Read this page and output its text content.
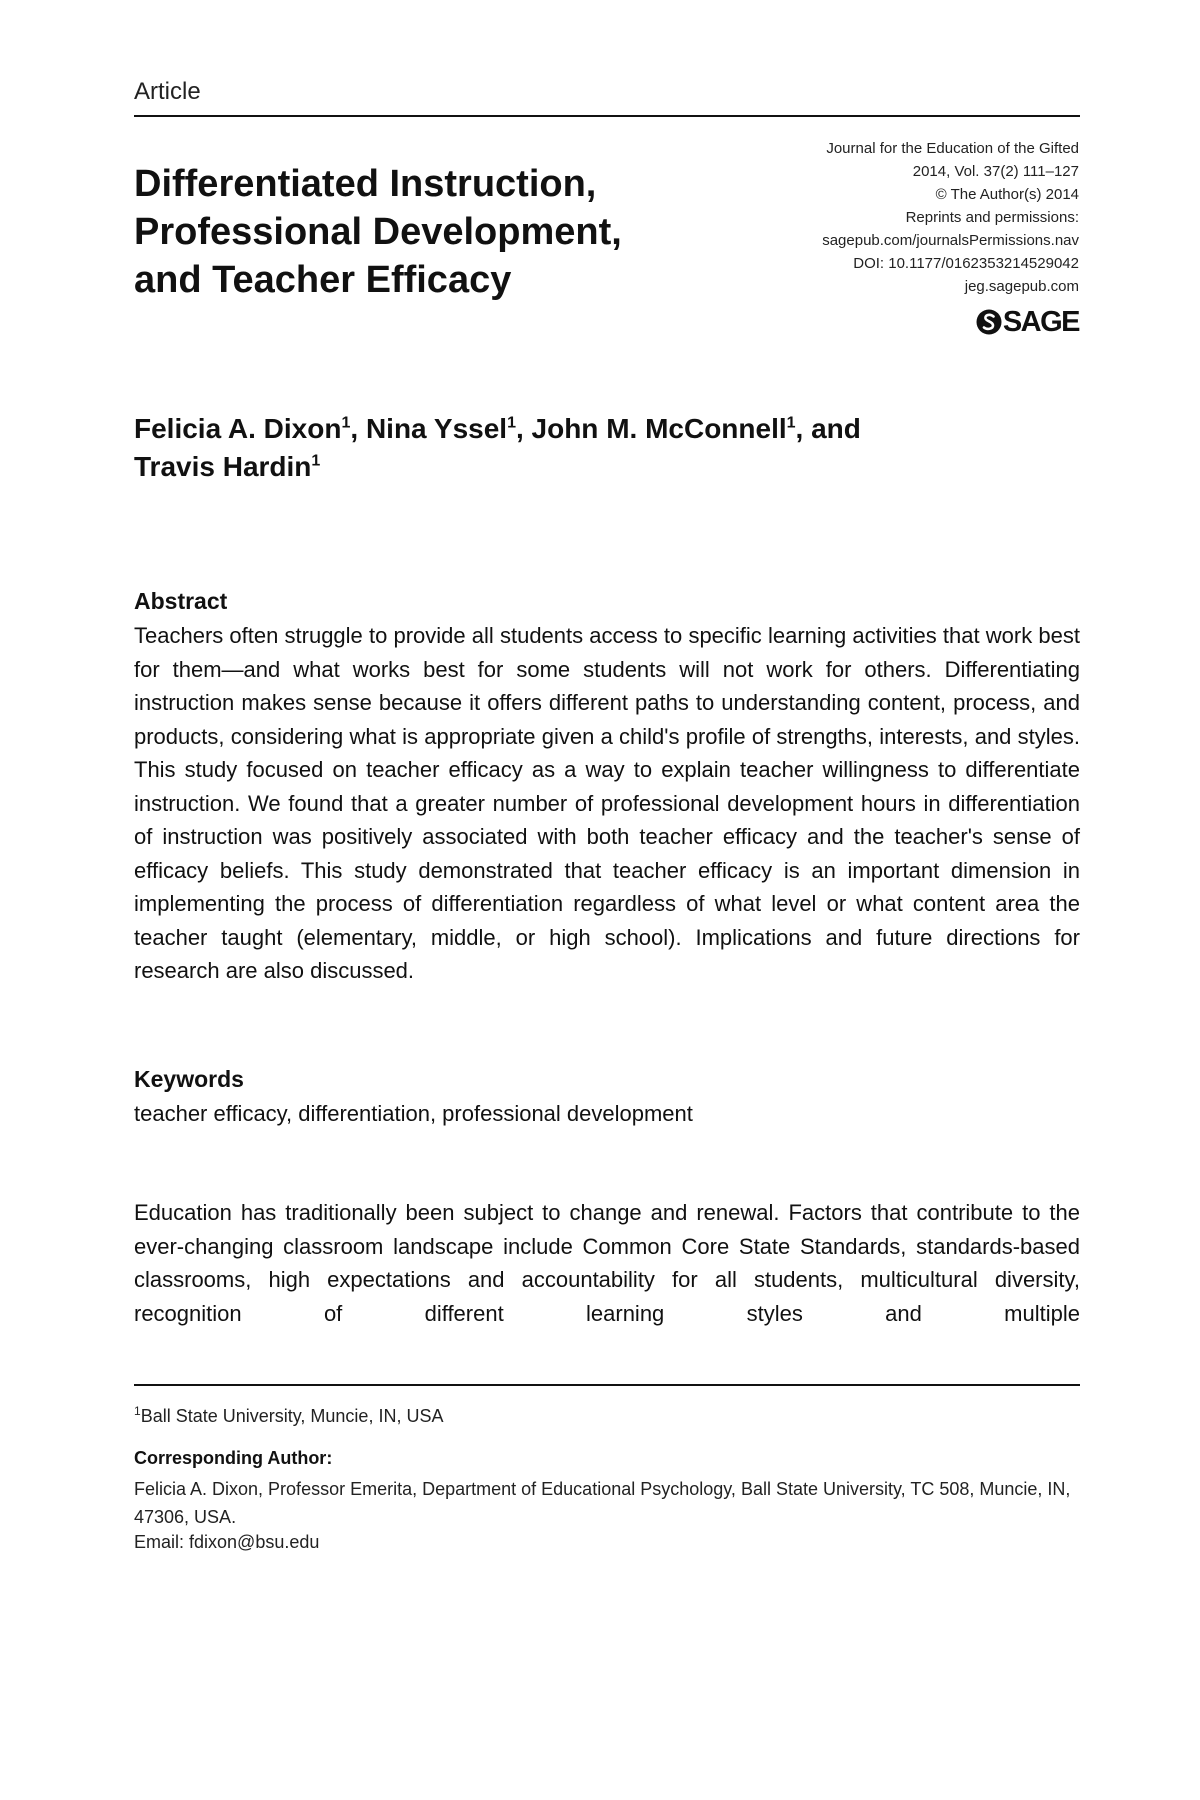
Article
Differentiated Instruction,
Professional Development,
and Teacher Efficacy
Journal for the Education of the Gifted
2014, Vol. 37(2) 111–127
© The Author(s) 2014
Reprints and permissions:
sagepub.com/journalsPermissions.nav
DOI: 10.1177/0162353214529042
jeg.sagepub.com
SAGE
Felicia A. Dixon$^1$, Nina Yssel$^1$, John M. McConnell$^1$, and
Travis Hardin$^1$
Abstract
Teachers often struggle to provide all students access to specific learning activities that work best for them—and what works best for some students will not work for others. Differentiating instruction makes sense because it offers different paths to understanding content, process, and products, considering what is appropriate given a child's profile of strengths, interests, and styles. This study focused on teacher efficacy as a way to explain teacher willingness to differentiate instruction. We found that a greater number of professional development hours in differentiation of instruction was positively associated with both teacher efficacy and the teacher's sense of efficacy beliefs. This study demonstrated that teacher efficacy is an important dimension in implementing the process of differentiation regardless of what level or what content area the teacher taught (elementary, middle, or high school). Implications and future directions for research are also discussed.
Keywords
teacher efficacy, differentiation, professional development
Education has traditionally been subject to change and renewal. Factors that contribute to the ever-changing classroom landscape include Common Core State Standards, standards-based classrooms, high expectations and accountability for all students, multicultural diversity, recognition of different learning styles and multiple
$^1$Ball State University, Muncie, IN, USA
Corresponding Author:
Felicia A. Dixon, Professor Emerita, Department of Educational Psychology, Ball State University, TC 508, Muncie, IN, 47306, USA.
Email: fdixon@bsu.edu
